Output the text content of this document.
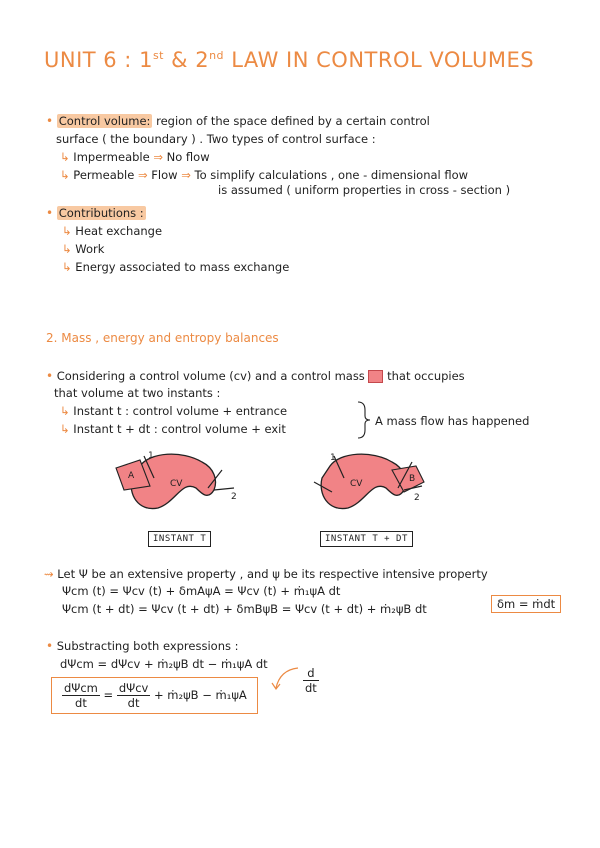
UNIT 6 : 1st & 2nd LAW IN CONTROL VOLUMES
• Control volume: region of the space defined by a certain control
surface ( the boundary ) . Two types of control surface :
↳ Impermeable ⇒ No flow
↳ Permeable ⇒ Flow ⇒ To simplify calculations , one - dimensional flow
is assumed ( uniform properties in cross - section )
• Contributions :
↳ Heat exchange
↳ Work
↳ Energy associated to mass exchange
2. Mass , energy and entropy balances
• Considering a control volume (cv) and a control mass that occupies
that volume at two instants :
↳ Instant t : control volume + entrance
↳ Instant t + dt : control volume + exit
A mass flow has happened
1
A
CV
2
INSTANT T
1
CV	B
2
INSTANT T + DT
⇝ Let Ψ be an extensive property , and ψ be its respective intensive property
Ψcm (t) = Ψcv (t) + δmAψA = Ψcv (t) + ṁ₁ψA dt
Ψcm (t + dt) = Ψcv (t + dt) + δmBψB = Ψcv (t + dt) + ṁ₂ψB dt	δm = ṁdt
• Substracting both expressions :
dΨcm = dΨcv + ṁ₂ψB dt − ṁ₁ψA dt
$\frac{d}{dt}$
$\frac{\text{dΨcm}}{dt} = \frac{\text{dΨcv}}{dt}$ + ṁ₂ψB − ṁ₁ψA
